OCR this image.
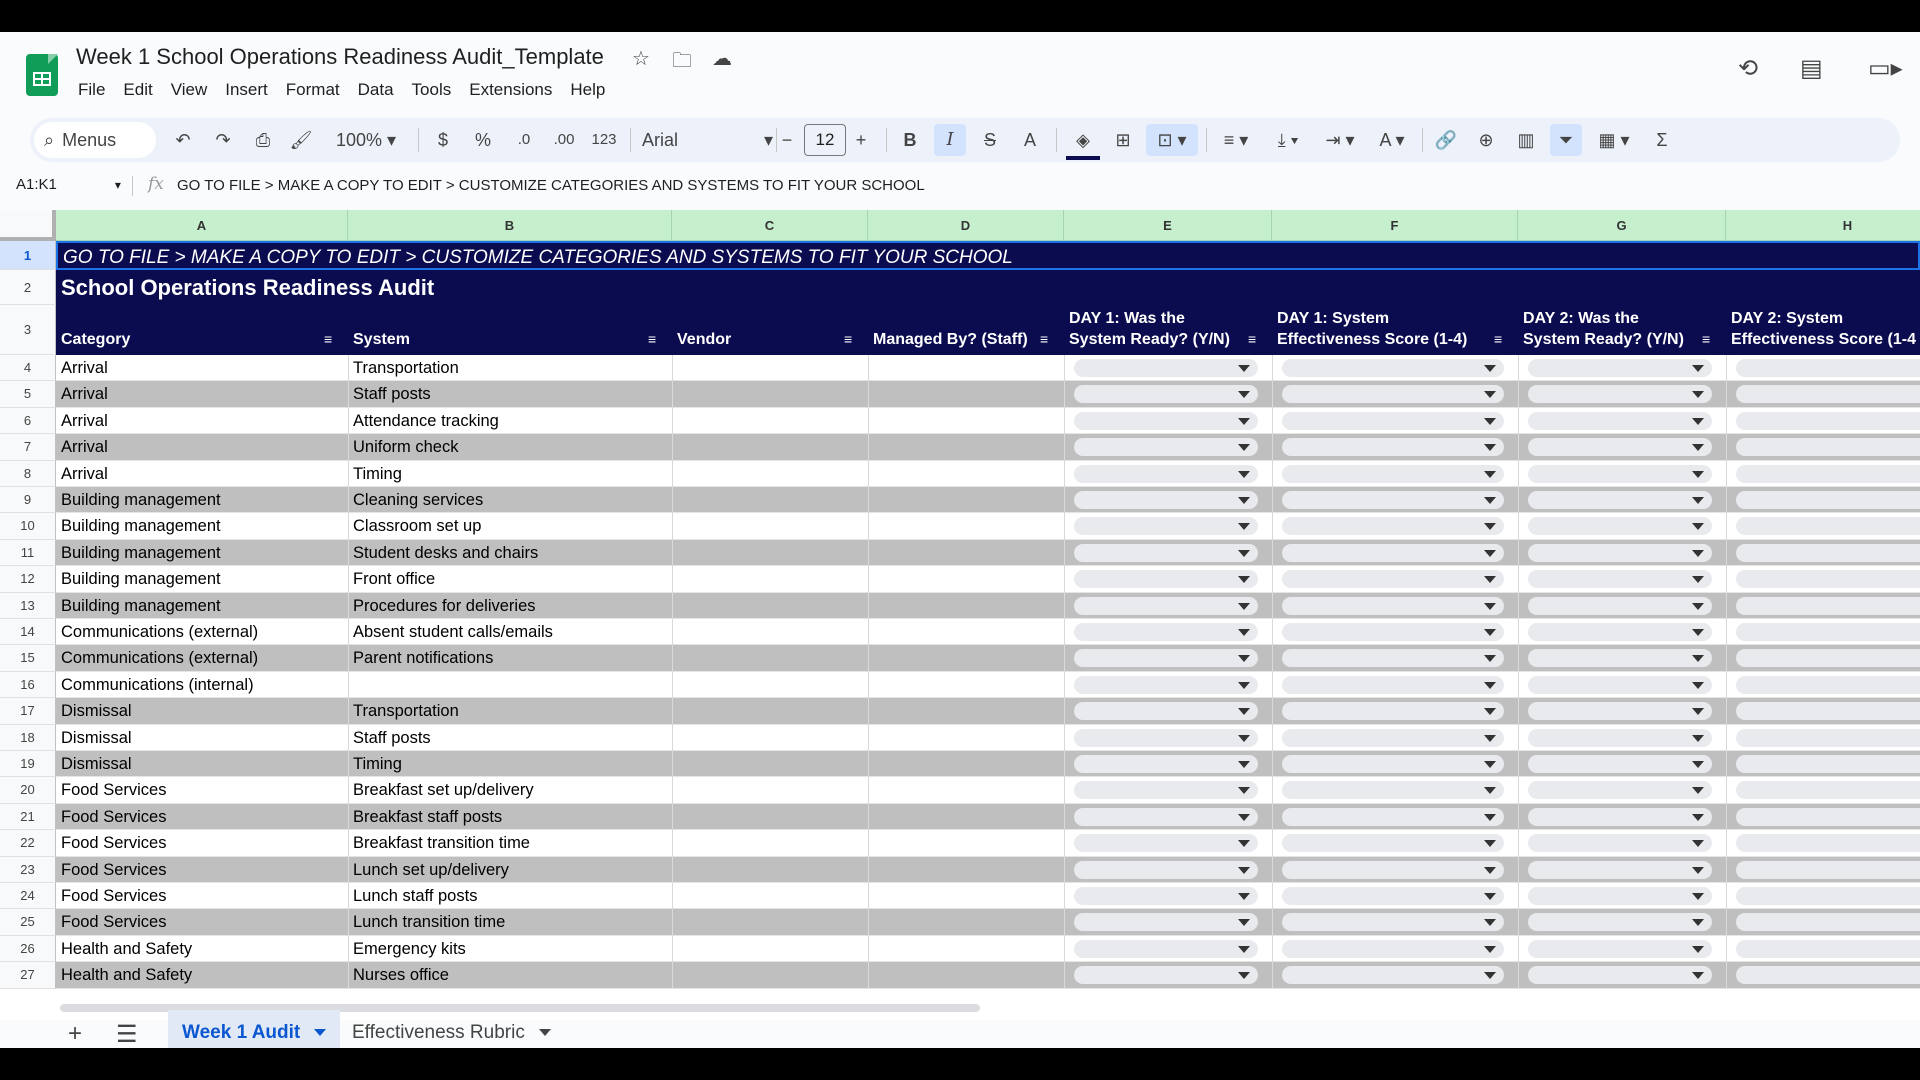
Week 1 School Operations Readiness Audit_Template ☆ 🗀 ☁
File Edit View Insert Format Data Tools Extensions Help
⟲ ▤ ▭▸
⌕ Menus	↶	↷	⎙	🖌	100% ▾	$	%	.0	.00	123	Arial	▾ −	12	+	B	I	S	A	◈	⊞	⊡ ▾	≡ ▾	⤓ ▾	⇥ ▾	A ▾	🔗	⊕	▥	⏷	▦ ▾	Σ
A1:K1	▾ fx GO TO FILE > MAKE A COPY TO EDIT > CUSTOMIZE CATEGORIES AND SYSTEMS TO FIT YOUR SCHOOL
A	B	C	D	E	F	G	H
1
2
3
GO TO FILE > MAKE A COPY TO EDIT > CUSTOMIZE CATEGORIES AND SYSTEMS TO FIT YOUR SCHOOL
School Operations Readiness Audit
Category	≡	System	≡	Vendor	≡	Managed By? (Staff) ≡
DAY 1: Was the
System Ready? (Y/N)	≡
DAY 1: System
Effectiveness Score (1-4)	≡
DAY 2: Was the
System Ready? (Y/N)	≡
DAY 2: System
Effectiveness Score (1-4
4	Arrival	Transportation
5	Arrival	Staff posts
6	Arrival	Attendance tracking
7	Arrival	Uniform check
8	Arrival	Timing
9	Building management	Cleaning services
10	Building management	Classroom set up
11	Building management	Student desks and chairs
12	Building management	Front office
13	Building management	Procedures for deliveries
14	Communications (external)	Absent student calls/emails
15	Communications (external)	Parent notifications
16	Communications (internal)
17	Dismissal	Transportation
18	Dismissal	Staff posts
19	Dismissal	Timing
20	Food Services	Breakfast set up/delivery
21	Food Services	Breakfast staff posts
22	Food Services	Breakfast transition time
23	Food Services	Lunch set up/delivery
24	Food Services	Lunch staff posts
25	Food Services	Lunch transition time
26	Health and Safety	Emergency kits
27	Health and Safety	Nurses office
+ ☰	Week 1 Audit	Effectiveness Rubric
